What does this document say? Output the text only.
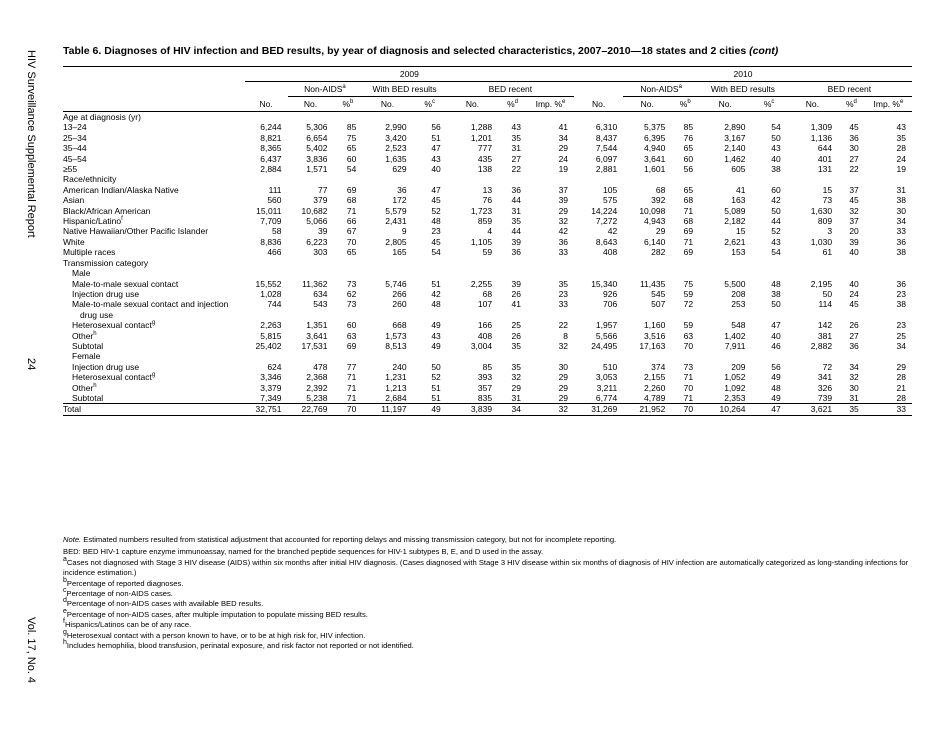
HIV Surveillance Supplemental Report
24
Vol. 17, No. 4
Table 6. Diagnoses of HIV infection and BED results, by year of diagnosis and selected characteristics, 2007–2010—18 states and 2 cities (cont)
	2009								2010							
		Non-AIDS$^a$		With BED results		BED recent				Non-AIDS$^a$		With BED results		BED recent		
	No.	No.	%$^b$	No.	%$^c$	No.	%$^d$	Imp. %$^e$	No.	No.	%$^b$	No.	%$^c$	No.	%$^d$	Imp. %$^e$
Age at diagnosis (yr)																
13–24	6,244	5,306	85	2,990	56	1,288	43	41	6,310	5,375	85	2,890	54	1,309	45	43
25–34	8,821	6,654	75	3,420	51	1,201	35	34	8,437	6,395	76	3,167	50	1,136	36	35
35–44	8,365	5,402	65	2,523	47	777	31	29	7,544	4,940	65	2,140	43	644	30	28
45–54	6,437	3,836	60	1,635	43	435	27	24	6,097	3,641	60	1,462	40	401	27	24
≥55	2,884	1,571	54	629	40	138	22	19	2,881	1,601	56	605	38	131	22	19
Race/ethnicity																
American Indian/Alaska Native	111	77	69	36	47	13	36	37	105	68	65	41	60	15	37	31
Asian	560	379	68	172	45	76	44	39	575	392	68	163	42	73	45	38
Black/African American	15,011	10,682	71	5,579	52	1,723	31	29	14,224	10,098	71	5,089	50	1,630	32	30
Hispanic/Latino$^f$	7,709	5,066	66	2,431	48	859	35	32	7,272	4,943	68	2,182	44	809	37	34
Native Hawaiian/Other Pacific Islander	58	39	67	9	23	4	44	42	42	29	69	15	52	3	20	33
White	8,836	6,223	70	2,805	45	1,105	39	36	8,643	6,140	71	2,621	43	1,030	39	36
Multiple races	466	303	65	165	54	59	36	33	408	282	69	153	54	61	40	38
Transmission category																
Male																
Male-to-male sexual contact	15,552	11,362	73	5,746	51	2,255	39	35	15,340	11,435	75	5,500	48	2,195	40	36
Injection drug use	1,028	634	62	266	42	68	26	23	926	545	59	208	38	50	24	23
Male-to-male sexual contact and injection	744	543	73	260	48	107	41	33	706	507	72	253	50	114	45	38
drug use																
Heterosexual contact$^g$	2,263	1,351	60	668	49	166	25	22	1,957	1,160	59	548	47	142	26	23
Other$^h$	5,815	3,641	63	1,573	43	408	26	8	5,566	3,516	63	1,402	40	381	27	25
Subtotal	25,402	17,531	69	8,513	49	3,004	35	32	24,495	17,163	70	7,911	46	2,882	36	34
Female																
Injection drug use	624	478	77	240	50	85	35	30	510	374	73	209	56	72	34	29
Heterosexual contact$^g$	3,346	2,368	71	1,231	52	393	32	29	3,053	2,155	71	1,052	49	341	32	28
Other$^h$	3,379	2,392	71	1,213	51	357	29	29	3,211	2,260	70	1,092	48	326	30	21
Subtotal	7,349	5,238	71	2,684	51	835	31	29	6,774	4,789	71	2,353	49	739	31	28
Total	32,751	22,769	70	11,197	49	3,839	34	32	31,269	21,952	70	10,264	47	3,621	35	33
Note. Estimated numbers resulted from statistical adjustment that accounted for reporting delays and missing transmission category, but not for incomplete reporting.
BED: BED HIV-1 capture enzyme immunoassay, named for the branched peptide sequences for HIV-1 subtypes B, E, and D used in the assay.
$^a$Cases not diagnosed with Stage 3 HIV disease (AIDS) within six months after initial HIV diagnosis. (Cases diagnosed with Stage 3 HIV disease within six months of diagnosis of HIV infection are automatically categorized as long-standing infections for incidence estimation.)
$^b$Percentage of reported diagnoses.
$^c$Percentage of non-AIDS cases.
$^d$Percentage of non-AIDS cases with available BED results.
$^e$Percentage of non-AIDS cases, after multiple imputation to populate missing BED results.
$^f$Hispanics/Latinos can be of any race.
$^g$Heterosexual contact with a person known to have, or to be at high risk for, HIV infection.
$^h$Includes hemophilia, blood transfusion, perinatal exposure, and risk factor not reported or not identified.
